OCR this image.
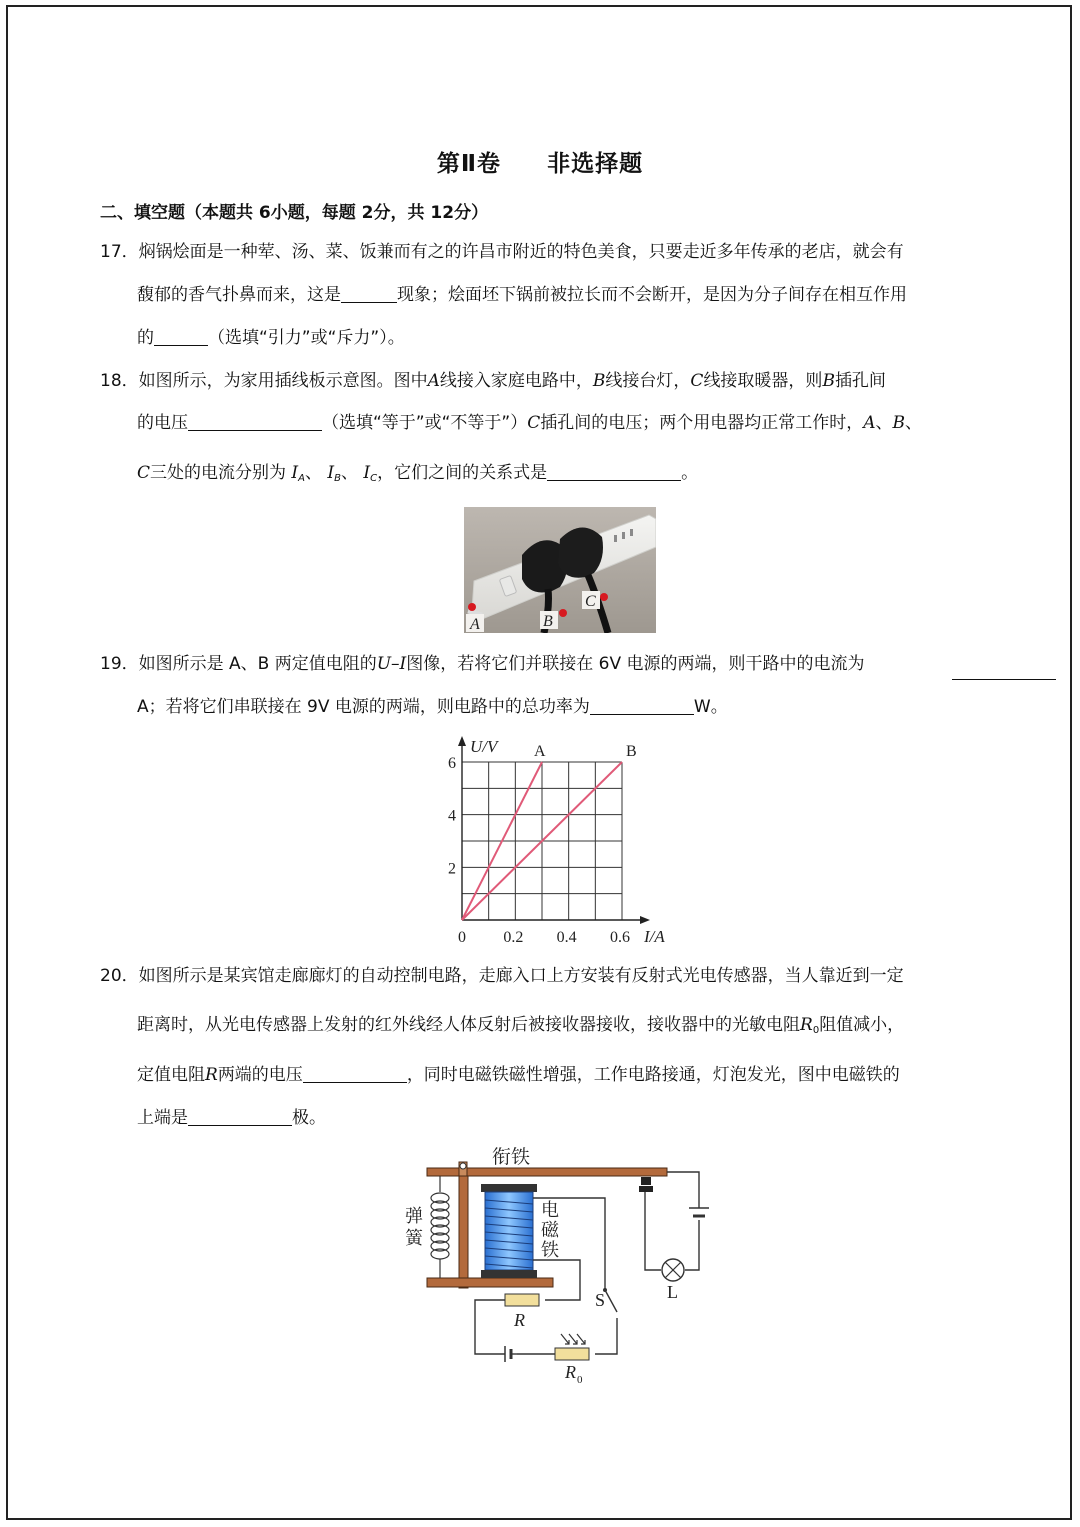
第Ⅱ卷 非选择题
二、填空题（本题共 6小题，每题 2分，共 12分）
17．焖锅烩面是一种荤、汤、菜、饭兼而有之的许昌市附近的特色美食，只要走近多年传承的老店，就会有
馥郁的香气扑鼻而来，这是	现象；烩面坯下锅前被拉长而不会断开，是因为分子间存在相互作用
的	（选填“引力”或“斥力”）。
18．如图所示，为家用插线板示意图。图中A线接入家庭电路中，B线接台灯，C线接取暖器，则B插孔间
的电压	（选填“等于”或“不等于”）C插孔间的电压；两个用电器均正常工作时，A、B、
C三处的电流分别为 $I_A$、 $I_B$、 $I_C$，它们之间的关系式是	。
A	B
C
19．如图所示是 A、B 两定值电阻的U–I图像，若将它们并联接在 6V 电源的两端，则干路中的电流为
A；若将它们串联接在 9V 电源的两端，则电路中的总功率为	W。
A	B
0 0.2 0.4 0.6
2
4
6
I/A
U/V
20．如图所示是某宾馆走廊廊灯的自动控制电路，走廊入口上方安装有反射式光电传感器，当人靠近到一定
距离时，从光电传感器上发射的红外线经人体反射后被接收器接收，接收器中的光敏电阻$R_0$阻值减小，
定值电阻R两端的电压	，同时电磁铁磁性增强，工作电路接通，灯泡发光，图中电磁铁的
上端是	极。
衔铁
弹
簧
电
磁
铁
S
R
R 0
L
